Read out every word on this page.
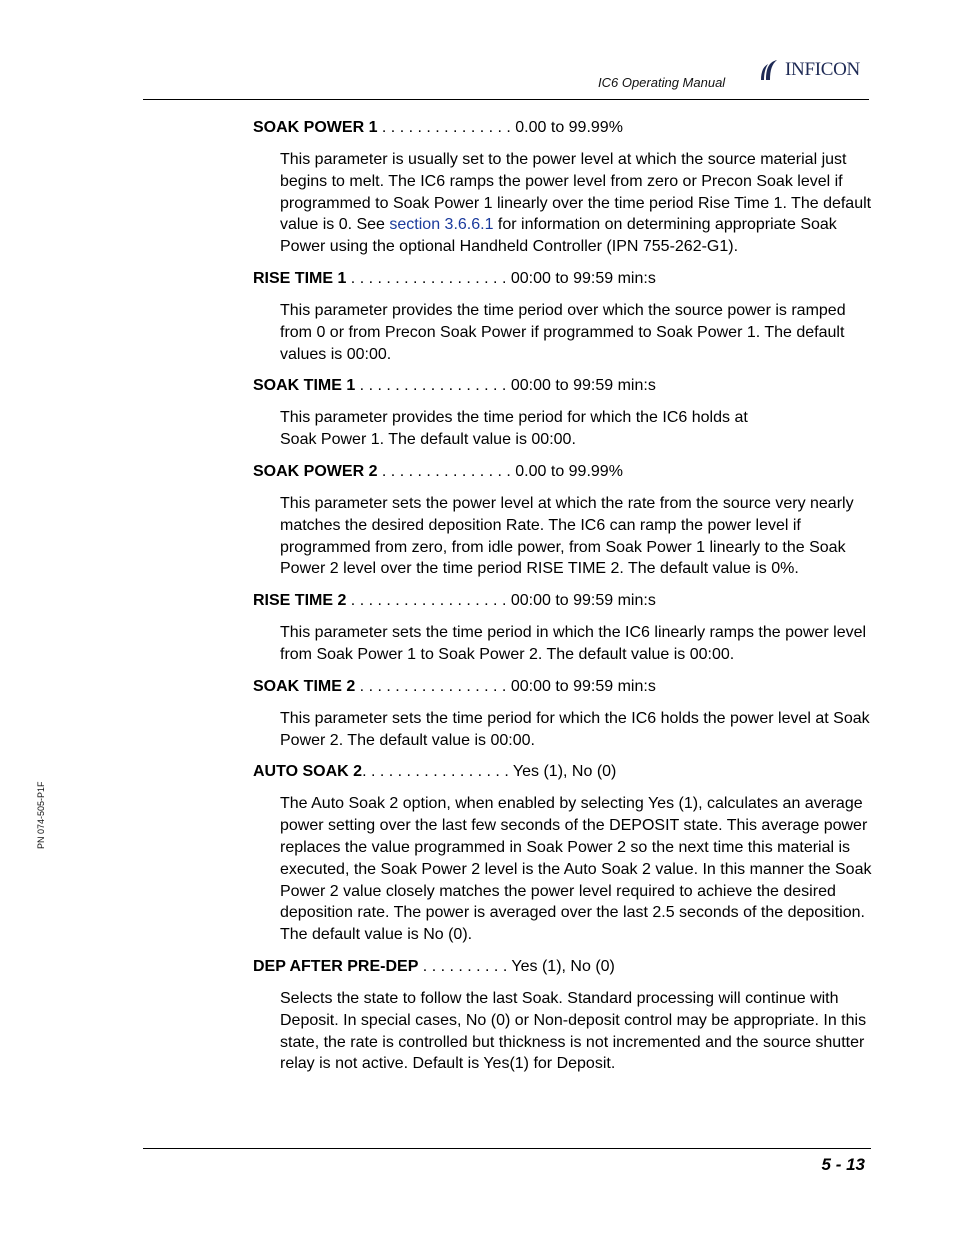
IC6 Operating Manual
INFICON
PN 074-505-P1F
SOAK POWER 1 . . . . . . . . . . . . . . . 0.00 to 99.99%
This parameter is usually set to the power level at which the source material just begins to melt. The IC6 ramps the power level from zero or Precon Soak level if programmed to Soak Power 1 linearly over the time period Rise Time 1. The default value is 0. See section 3.6.6.1 for information on determining appropriate Soak Power using the optional Handheld Controller (IPN 755-262-G1).
RISE TIME 1 . . . . . . . . . . . . . . . . . . 00:00 to 99:59 min:s
This parameter provides the time period over which the source power is ramped from 0 or from Precon Soak Power if programmed to Soak Power 1. The default values is 00:00.
SOAK TIME 1 . . . . . . . . . . . . . . . . . 00:00 to 99:59 min:s
This parameter provides the time period for which the IC6 holds at
Soak Power 1. The default value is 00:00.
SOAK POWER 2 . . . . . . . . . . . . . . . 0.00 to 99.99%
This parameter sets the power level at which the rate from the source very nearly matches the desired deposition Rate. The IC6 can ramp the power level if programmed from zero, from idle power, from Soak Power 1 linearly to the Soak Power 2 level over the time period RISE TIME 2. The default value is 0%.
RISE TIME 2 . . . . . . . . . . . . . . . . . . 00:00 to 99:59 min:s
This parameter sets the time period in which the IC6 linearly ramps the power level from Soak Power 1 to Soak Power 2. The default value is 00:00.
SOAK TIME 2 . . . . . . . . . . . . . . . . . 00:00 to 99:59 min:s
This parameter sets the time period for which the IC6 holds the power level at Soak Power 2. The default value is 00:00.
AUTO SOAK 2. . . . . . . . . . . . . . . . . Yes (1), No (0)
The Auto Soak 2 option, when enabled by selecting Yes (1), calculates an average power setting over the last few seconds of the DEPOSIT state. This average power replaces the value programmed in Soak Power 2 so the next time this material is executed, the Soak Power 2 level is the Auto Soak 2 value. In this manner the Soak Power 2 value closely matches the power level required to achieve the desired deposition rate. The power is averaged over the last 2.5 seconds of the deposition. The default value is No (0).
DEP AFTER PRE-DEP . . . . . . . . . . Yes (1), No (0)
Selects the state to follow the last Soak. Standard processing will continue with Deposit. In special cases, No (0) or Non-deposit control may be appropriate. In this state, the rate is controlled but thickness is not incremented and the source shutter relay is not active. Default is Yes(1) for Deposit.
5 - 13
